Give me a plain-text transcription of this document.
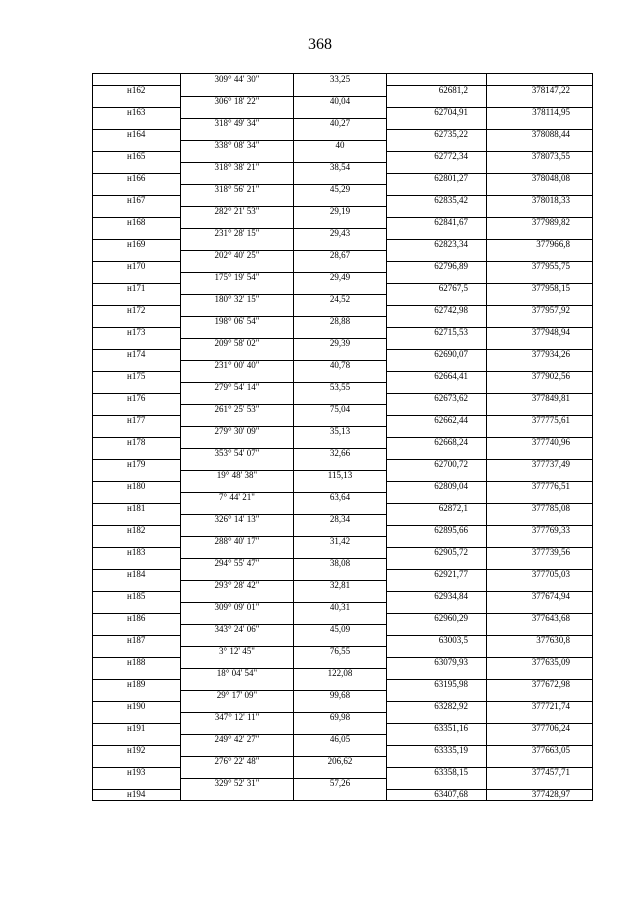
368
	309° 44' 30"	33,25		
н162			62681,2	378147,22
	306° 18' 22"	40,04		
н163			62704,91	378114,95
	318° 49' 34"	40,27		
н164			62735,22	378088,44
	338° 08' 34"	40		
н165			62772,34	378073,55
	318° 38' 21"	38,54		
н166			62801,27	378048,08
	318° 56' 21"	45,29		
н167			62835,42	378018,33
	282° 21' 53"	29,19		
н168			62841,67	377989,82
	231° 28' 15"	29,43		
н169			62823,34	377966,8
	202° 40' 25"	28,67		
н170			62796,89	377955,75
	175° 19' 54"	29,49		
н171			62767,5	377958,15
	180° 32' 15"	24,52		
н172			62742,98	377957,92
	198° 06' 54"	28,88		
н173			62715,53	377948,94
	209° 58' 02"	29,39		
н174			62690,07	377934,26
	231° 00' 40"	40,78		
н175			62664,41	377902,56
	279° 54' 14"	53,55		
н176			62673,62	377849,81
	261° 25' 53"	75,04		
н177			62662,44	377775,61
	279° 30' 09"	35,13		
н178			62668,24	377740,96
	353° 54' 07"	32,66		
н179			62700,72	377737,49
	19° 48' 38"	115,13		
н180			62809,04	377776,51
	7° 44' 21"	63,64		
н181			62872,1	377785,08
	326° 14' 13"	28,34		
н182			62895,66	377769,33
	288° 40' 17"	31,42		
н183			62905,72	377739,56
	294° 55' 47"	38,08		
н184			62921,77	377705,03
	293° 28' 42"	32,81		
н185			62934,84	377674,94
	309° 09' 01"	40,31		
н186			62960,29	377643,68
	343° 24' 06"	45,09		
н187			63003,5	377630,8
	3° 12' 45"	76,55		
н188			63079,93	377635,09
	18° 04' 54"	122,08		
н189			63195,98	377672,98
	29° 17' 09"	99,68		
н190			63282,92	377721,74
	347° 12' 11"	69,98		
н191			63351,16	377706,24
	249° 42' 27"	46,05		
н192			63335,19	377663,05
	276° 22' 48"	206,62		
н193			63358,15	377457,71
	329° 52' 31"	57,26		
н194			63407,68	377428,97
